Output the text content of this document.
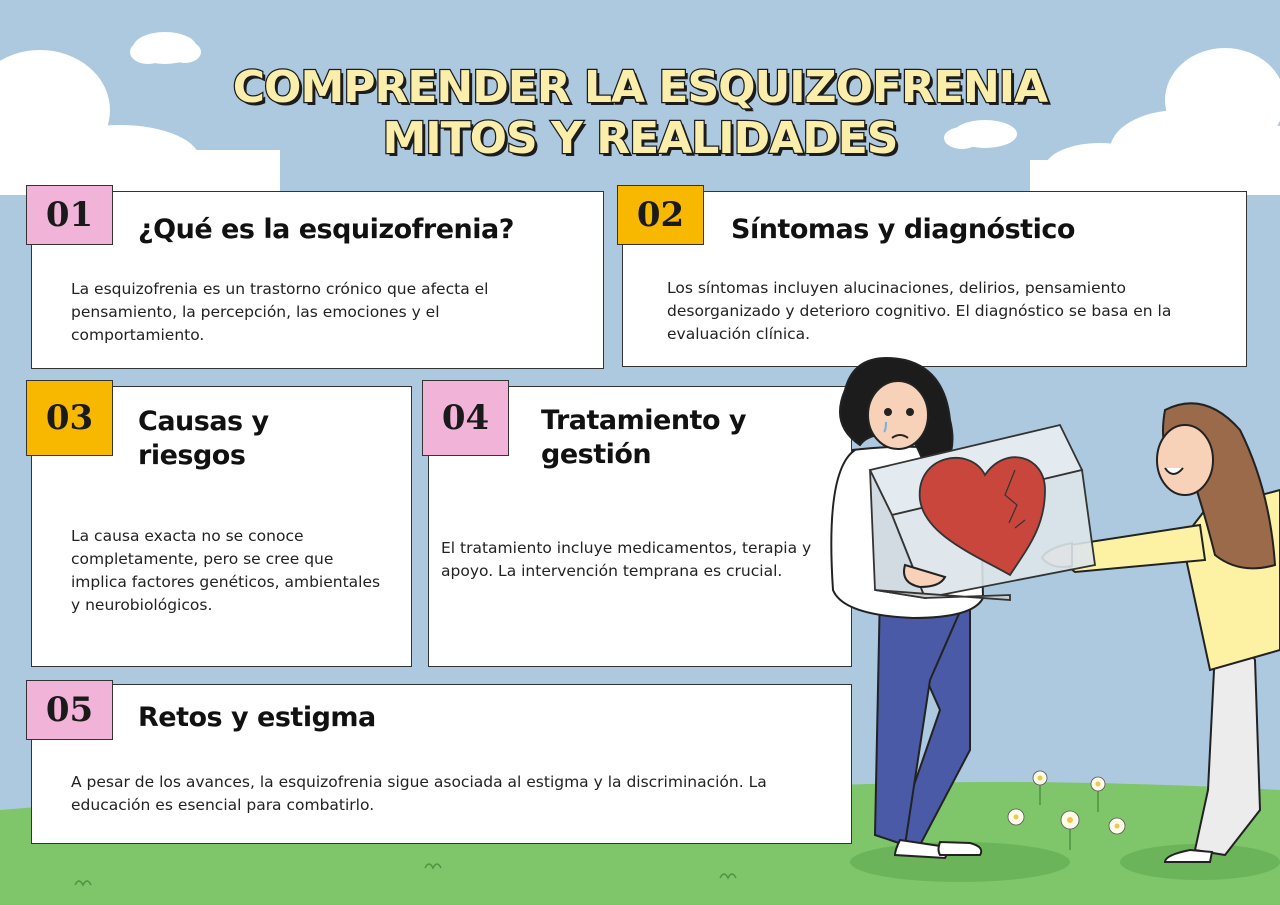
COMPRENDER LA ESQUIZOFRENIA
MITOS Y REALIDADES
01	¿Qué es la esquizofrenia?

La esquizofrenia es un trastorno crónico que afecta el pensamiento, la percepción, las emociones y el comportamiento.

02	Síntomas y diagnóstico

Los síntomas incluyen alucinaciones, delirios, pensamiento desorganizado y deterioro cognitivo. El diagnóstico se basa en la evaluación clínica.

03	Causas y riesgos

La causa exacta no se conoce completamente, pero se cree que implica factores genéticos, ambientales y neurobiológicos.

04	Tratamiento y gestión

El tratamiento incluye medicamentos, terapia y apoyo. La intervención temprana es crucial.

05	Retos y estigma

A pesar de los avances, la esquizofrenia sigue asociada al estigma y la discriminación. La educación es esencial para combatirlo.
